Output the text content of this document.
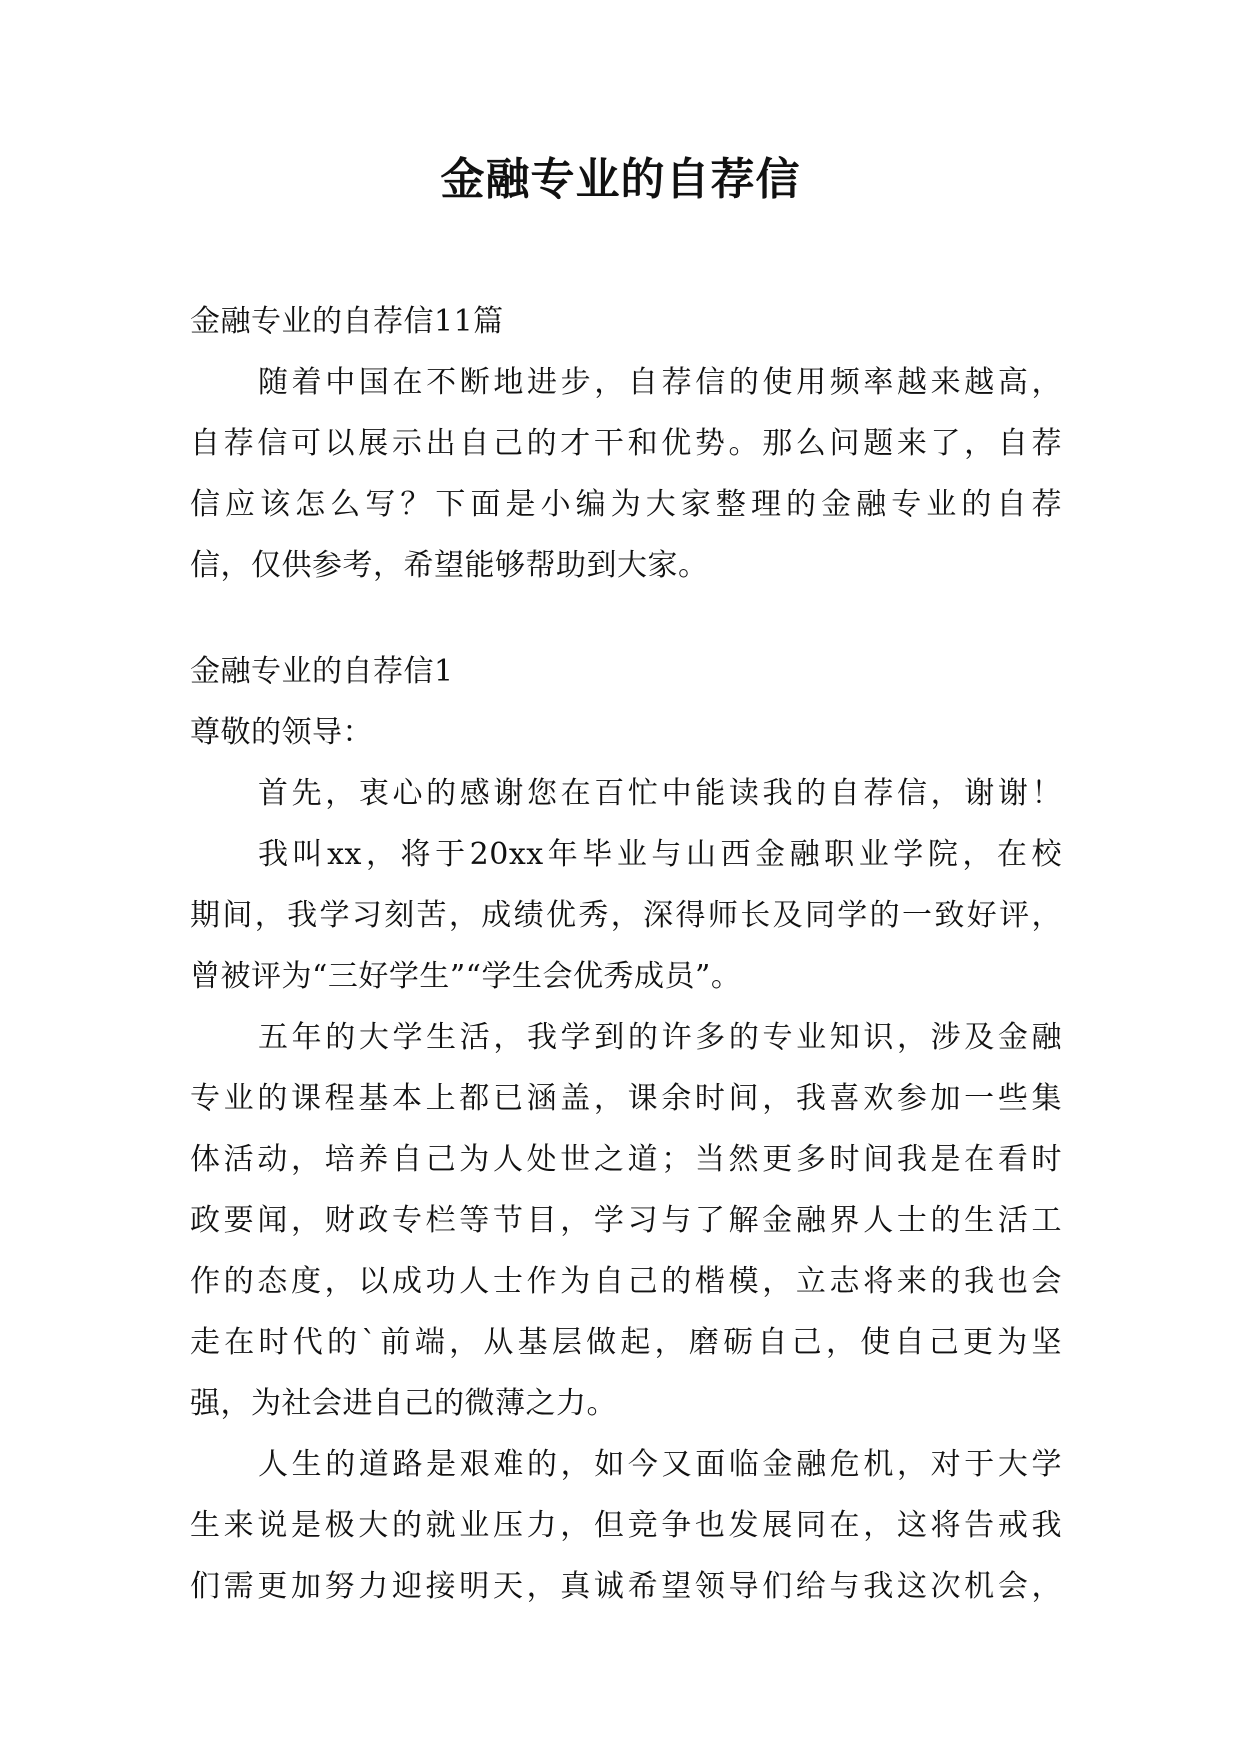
金融专业的自荐信
金融专业的自荐信11篇
随着中国在不断地进步，自荐信的使用频率越来越高，
自荐信可以展示出自己的才干和优势。那么问题来了，自荐
信应该怎么写？下面是小编为大家整理的金融专业的自荐
信，仅供参考，希望能够帮助到大家。
金融专业的自荐信1
尊敬的领导：
首先，衷心的感谢您在百忙中能读我的自荐信，谢谢！
我叫xx，将于20xx年毕业与山西金融职业学院，在校
期间，我学习刻苦，成绩优秀，深得师长及同学的一致好评，
曾被评为“三好学生”“学生会优秀成员”。
五年的大学生活，我学到的许多的专业知识，涉及金融
专业的课程基本上都已涵盖，课余时间，我喜欢参加一些集
体活动，培养自己为人处世之道；当然更多时间我是在看时
政要闻，财政专栏等节目，学习与了解金融界人士的生活工
作的态度，以成功人士作为自己的楷模，立志将来的我也会
走在时代的`前端，从基层做起，磨砺自己，使自己更为坚
强，为社会进自己的微薄之力。
人生的道路是艰难的，如今又面临金融危机，对于大学
生来说是极大的就业压力，但竞争也发展同在，这将告戒我
们需更加努力迎接明天，真诚希望领导们给与我这次机会，
